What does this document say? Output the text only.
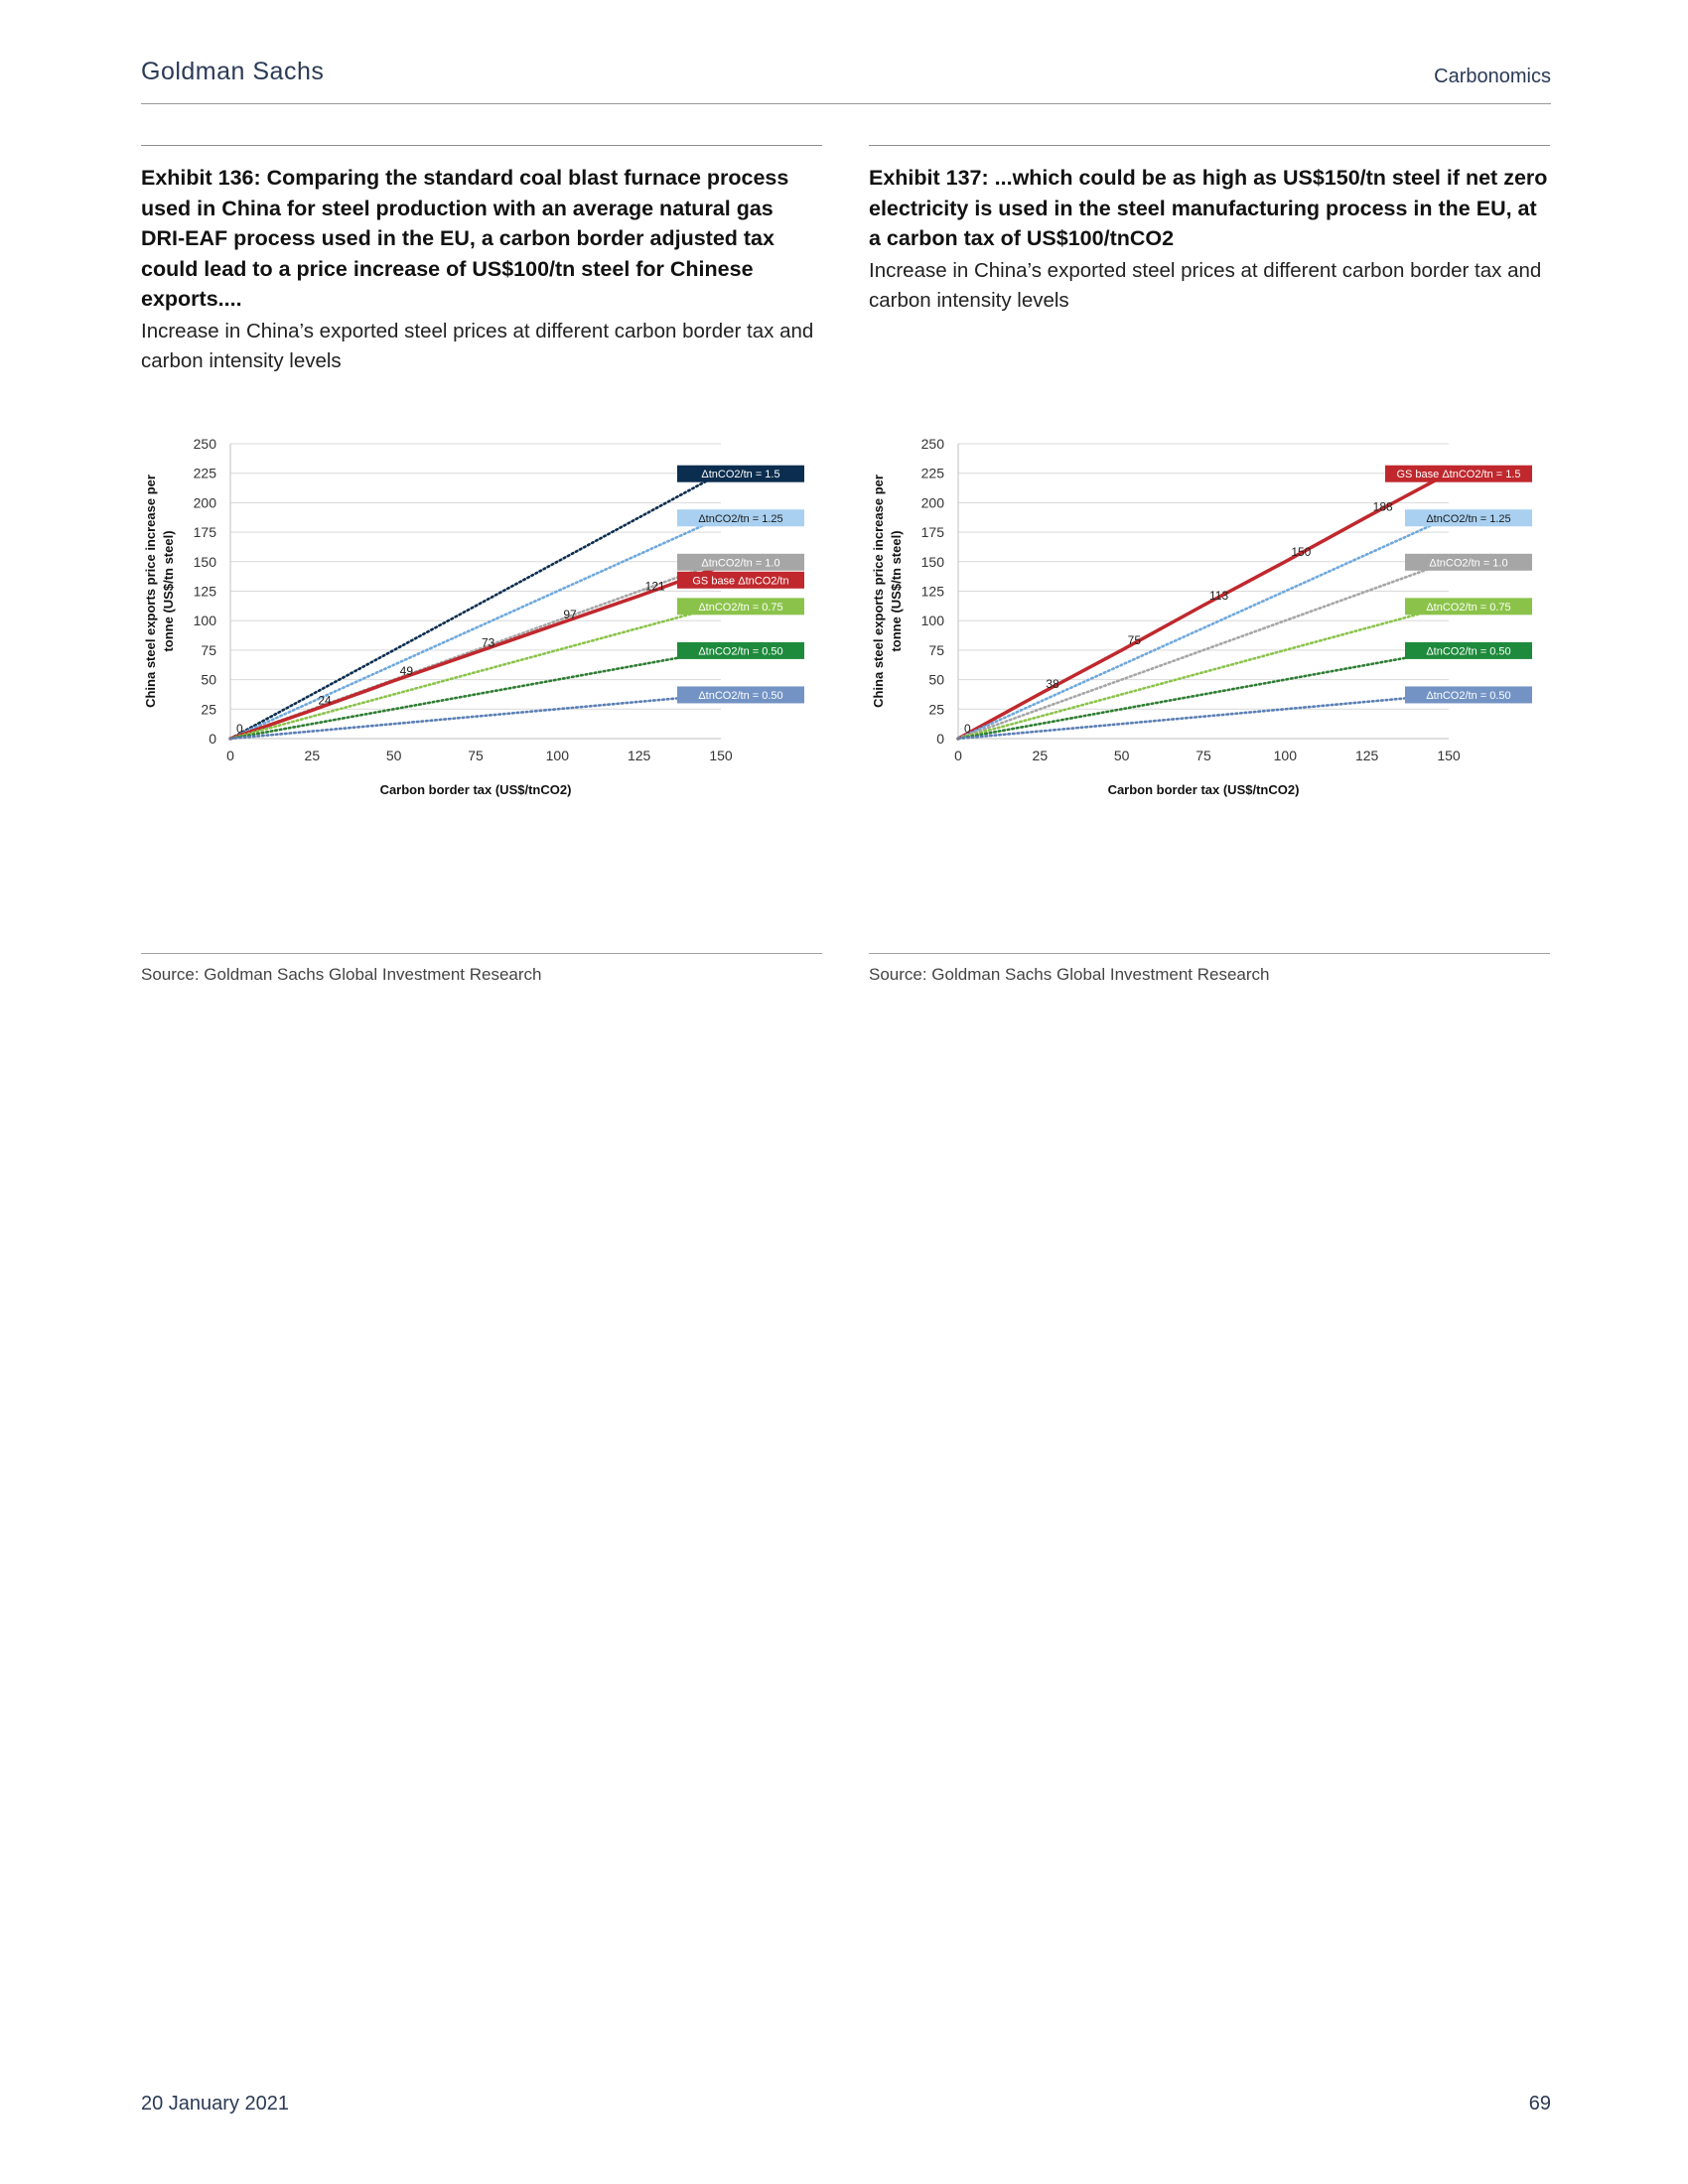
Goldman Sachs	Carbonomics
Exhibit 136: Comparing the standard coal blast furnace process used in China for steel production with an average natural gas DRI-EAF process used in the EU, a carbon border adjusted tax could lead to a price increase of US$100/tn steel for Chinese exports....
Increase in China’s exported steel prices at different carbon border tax and carbon intensity levels
0
25
50
75
100
125
150
175
200
225
250
0	25	50	75	100	125	150
Carbon border tax (US$/tnCO2)
China steel exports price increase per tonne (US$/tn steel)
0
24
49
73
97
121
ΔtnCO2/tn = 1.5
ΔtnCO2/tn = 1.25
ΔtnCO2/tn = 1.0
GS base ΔtnCO2/tn
ΔtnCO2/tn = 0.75
ΔtnCO2/tn = 0.50
ΔtnCO2/tn = 0.50
Source: Goldman Sachs Global Investment Research
Exhibit 137: ...which could be as high as US$150/tn steel if net zero electricity is used in the steel manufacturing process in the EU, at a carbon tax of US$100/tnCO2
Increase in China’s exported steel prices at different carbon border tax and carbon intensity levels
0
25
50
75
100
125
150
175
200
225
250
0	25	50	75	100	125	150
Carbon border tax (US$/tnCO2)
China steel exports price increase per tonne (US$/tn steel)
0
38
75
113
150
188
GS base ΔtnCO2/tn = 1.5
ΔtnCO2/tn = 1.25
ΔtnCO2/tn = 1.0
ΔtnCO2/tn = 0.75
ΔtnCO2/tn = 0.50
ΔtnCO2/tn = 0.50
Source: Goldman Sachs Global Investment Research
20 January 2021	69
